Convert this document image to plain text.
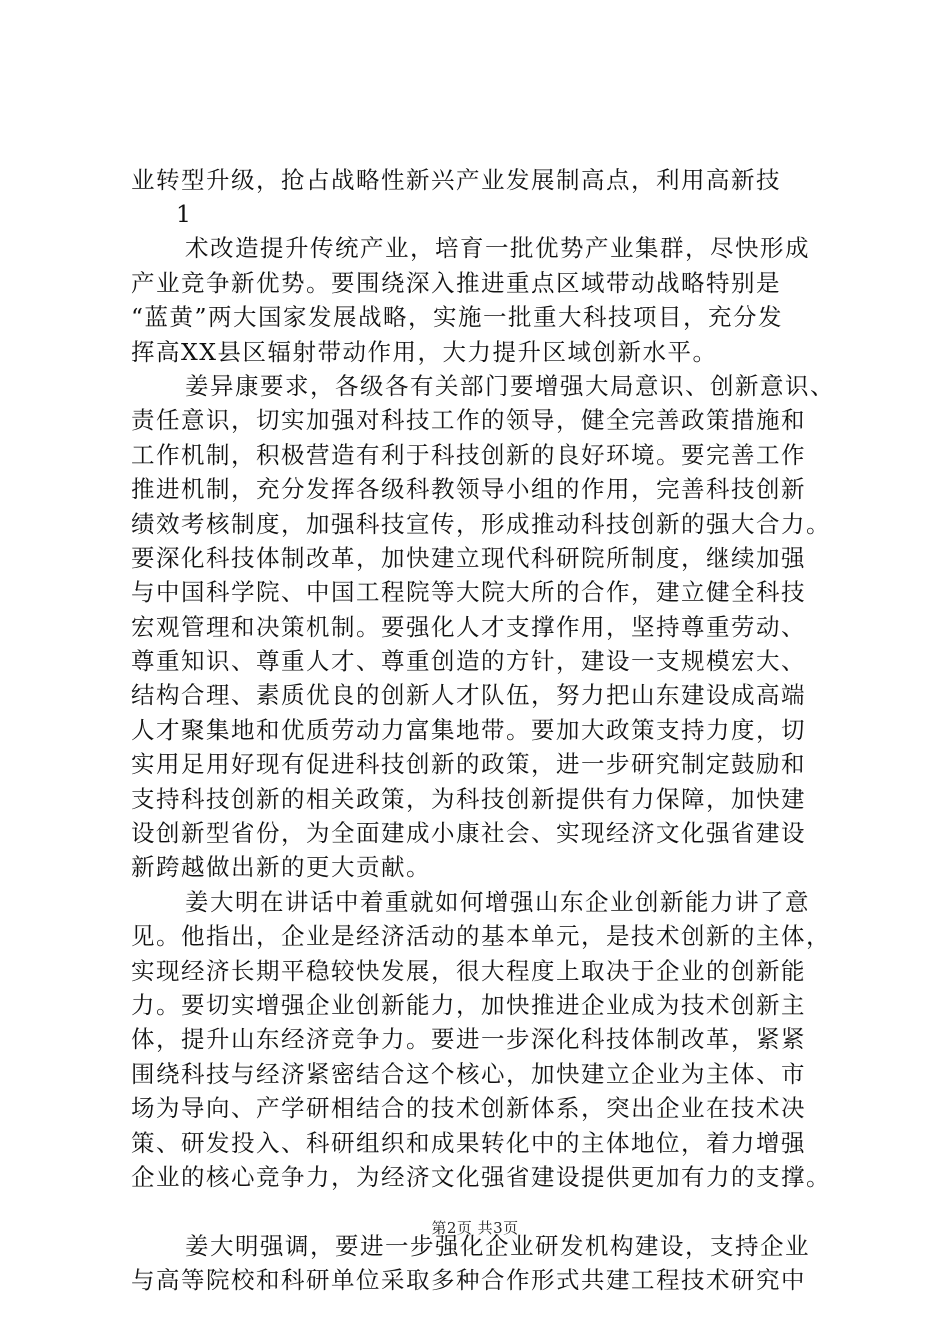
业转型升级，抢占战略性新兴产业发展制高点，利用高新技
1
术改造提升传统产业，培育一批优势产业集群，尽快形成
产业竞争新优势。要围绕深入推进重点区域带动战略特别是
“蓝黄”两大国家发展战略，实施一批重大科技项目，充分发
挥高XX县区辐射带动作用，大力提升区域创新水平。
姜异康要求，各级各有关部门要增强大局意识、创新意识、
责任意识，切实加强对科技工作的领导，健全完善政策措施和
工作机制，积极营造有利于科技创新的良好环境。要完善工作
推进机制，充分发挥各级科教领导小组的作用，完善科技创新
绩效考核制度，加强科技宣传，形成推动科技创新的强大合力。
要深化科技体制改革，加快建立现代科研院所制度，继续加强
与中国科学院、中国工程院等大院大所的合作，建立健全科技
宏观管理和决策机制。要强化人才支撑作用，坚持尊重劳动、
尊重知识、尊重人才、尊重创造的方针，建设一支规模宏大、
结构合理、素质优良的创新人才队伍，努力把山东建设成高端
人才聚集地和优质劳动力富集地带。要加大政策支持力度，切
实用足用好现有促进科技创新的政策，进一步研究制定鼓励和
支持科技创新的相关政策，为科技创新提供有力保障，加快建
设创新型省份，为全面建成小康社会、实现经济文化强省建设
新跨越做出新的更大贡献。
姜大明在讲话中着重就如何增强山东企业创新能力讲了意
见。他指出，企业是经济活动的基本单元，是技术创新的主体，
实现经济长期平稳较快发展，很大程度上取决于企业的创新能
力。要切实增强企业创新能力，加快推进企业成为技术创新主
体，提升山东经济竞争力。要进一步深化科技体制改革，紧紧
围绕科技与经济紧密结合这个核心，加快建立企业为主体、市
场为导向、产学研相结合的技术创新体系，突出企业在技术决
策、研发投入、科研组织和成果转化中的主体地位，着力增强
企业的核心竞争力，为经济文化强省建设提供更加有力的支撑。
姜大明强调，要进一步强化企业研发机构建设，支持企业
与高等院校和科研单位采取多种合作形式共建工程技术研究中
第2页 共3页
